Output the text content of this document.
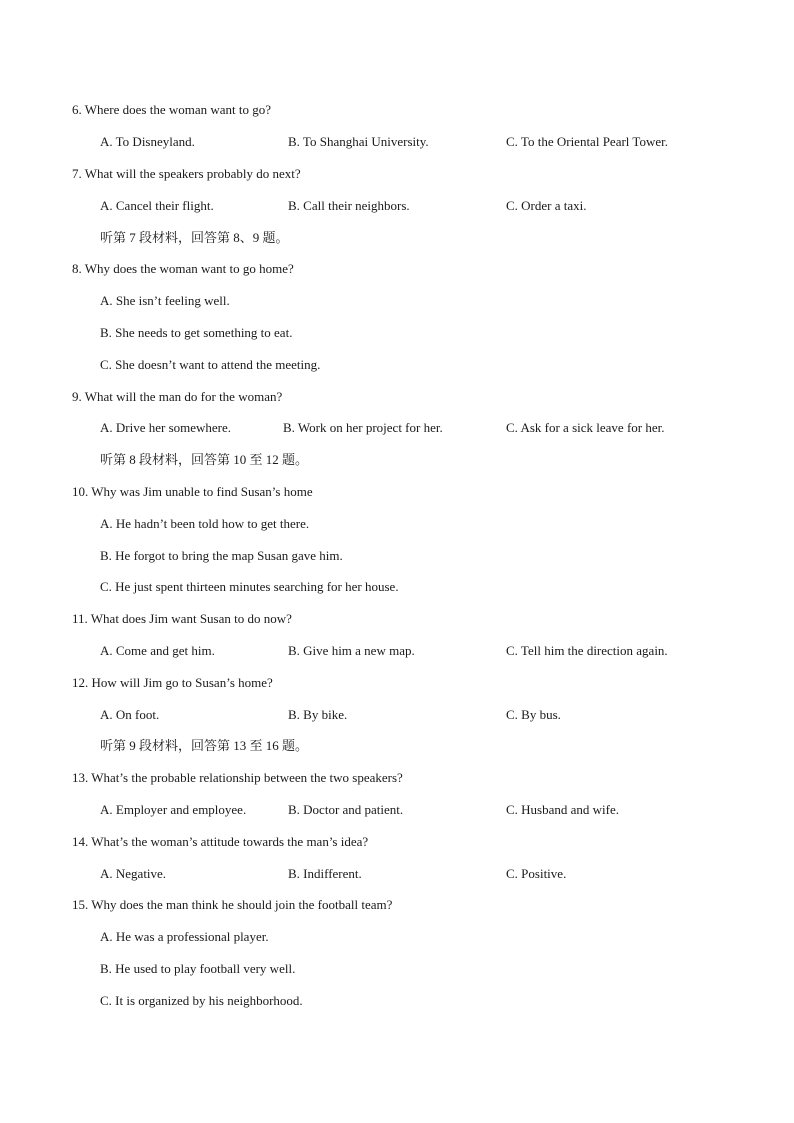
6. Where does the woman want to go?
A. To Disneyland.	B. To Shanghai University.	C. To the Oriental Pearl Tower.
7. What will the speakers probably do next?
A. Cancel their flight.	B. Call their neighbors.	C. Order a taxi.
听第 7 段材料，回答第 8、9 题。
8. Why does the woman want to go home?
A. She isn’t feeling well.
B. She needs to get something to eat.
C. She doesn’t want to attend the meeting.
9. What will the man do for the woman?
A. Drive her somewhere.	B. Work on her project for her.	C. Ask for a sick leave for her.
听第 8 段材料，回答第 10 至 12 题。
10. Why was Jim unable to find Susan’s home
A. He hadn’t been told how to get there.
B. He forgot to bring the map Susan gave him.
C. He just spent thirteen minutes searching for her house.
11. What does Jim want Susan to do now?
A. Come and get him.	B. Give him a new map.	C. Tell him the direction again.
12. How will Jim go to Susan’s home?
A. On foot.	B. By bike.	C. By bus.
听第 9 段材料，回答第 13 至 16 题。
13. What’s the probable relationship between the two speakers?
A. Employer and employee.	B. Doctor and patient.	C. Husband and wife.
14. What’s the woman’s attitude towards the man’s idea?
A. Negative.	B. Indifferent.	C. Positive.
15. Why does the man think he should join the football team?
A. He was a professional player.
B. He used to play football very well.
C. It is organized by his neighborhood.
